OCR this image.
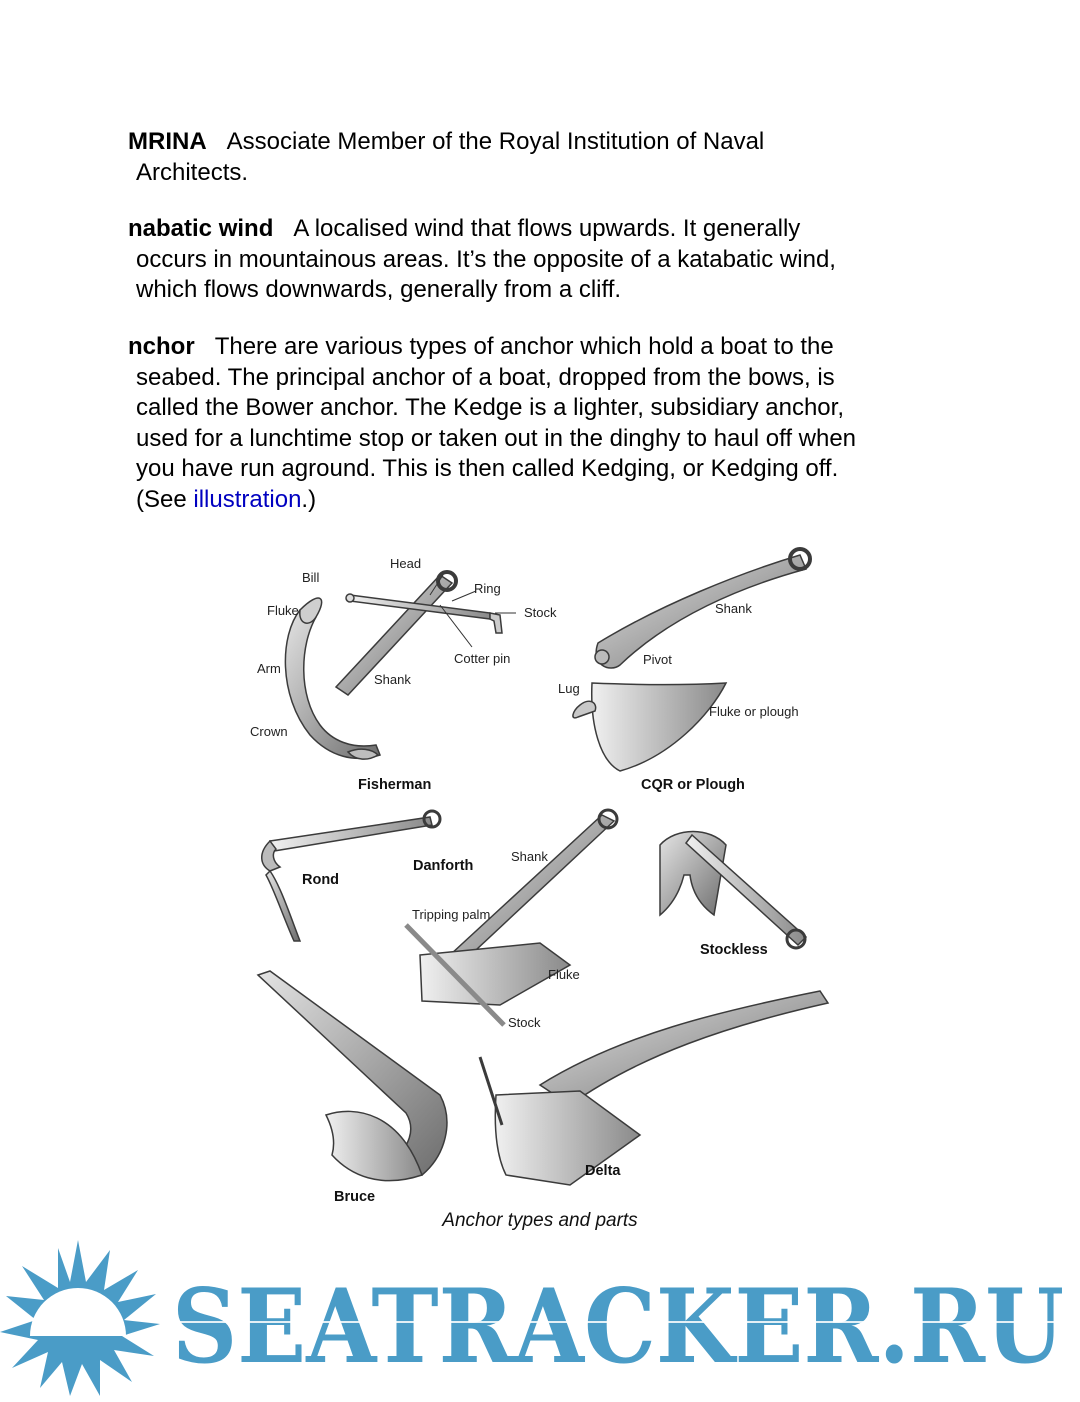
MRINA Associate Member of the Royal Institution of Naval
Architects.
nabatic wind A localised wind that flows upwards. It generally
occurs in mountainous areas. It’s the opposite of a katabatic wind,
which flows downwards, generally from a cliff.
nchor There are various types of anchor which hold a boat to the
seabed. The principal anchor of a boat, dropped from the bows, is
called the Bower anchor. The Kedge is a lighter, subsidiary anchor,
used for a lunchtime stop or taken out in the dinghy to haul off when
you have run aground. This is then called Kedging, or Kedging off.
(See illustration.)
Head
Bill
Ring
Fluke	Stock
Arm
Cotter pin
Shank
Crown
Fisherman
Shank
Pivot
Lug
Fluke or plough
CQR or Plough
Rond
Shank
Danforth
Tripping palm
Fluke
Stock
Stockless
Bruce
Delta
Anchor types and parts
SEATRACKER.RU
